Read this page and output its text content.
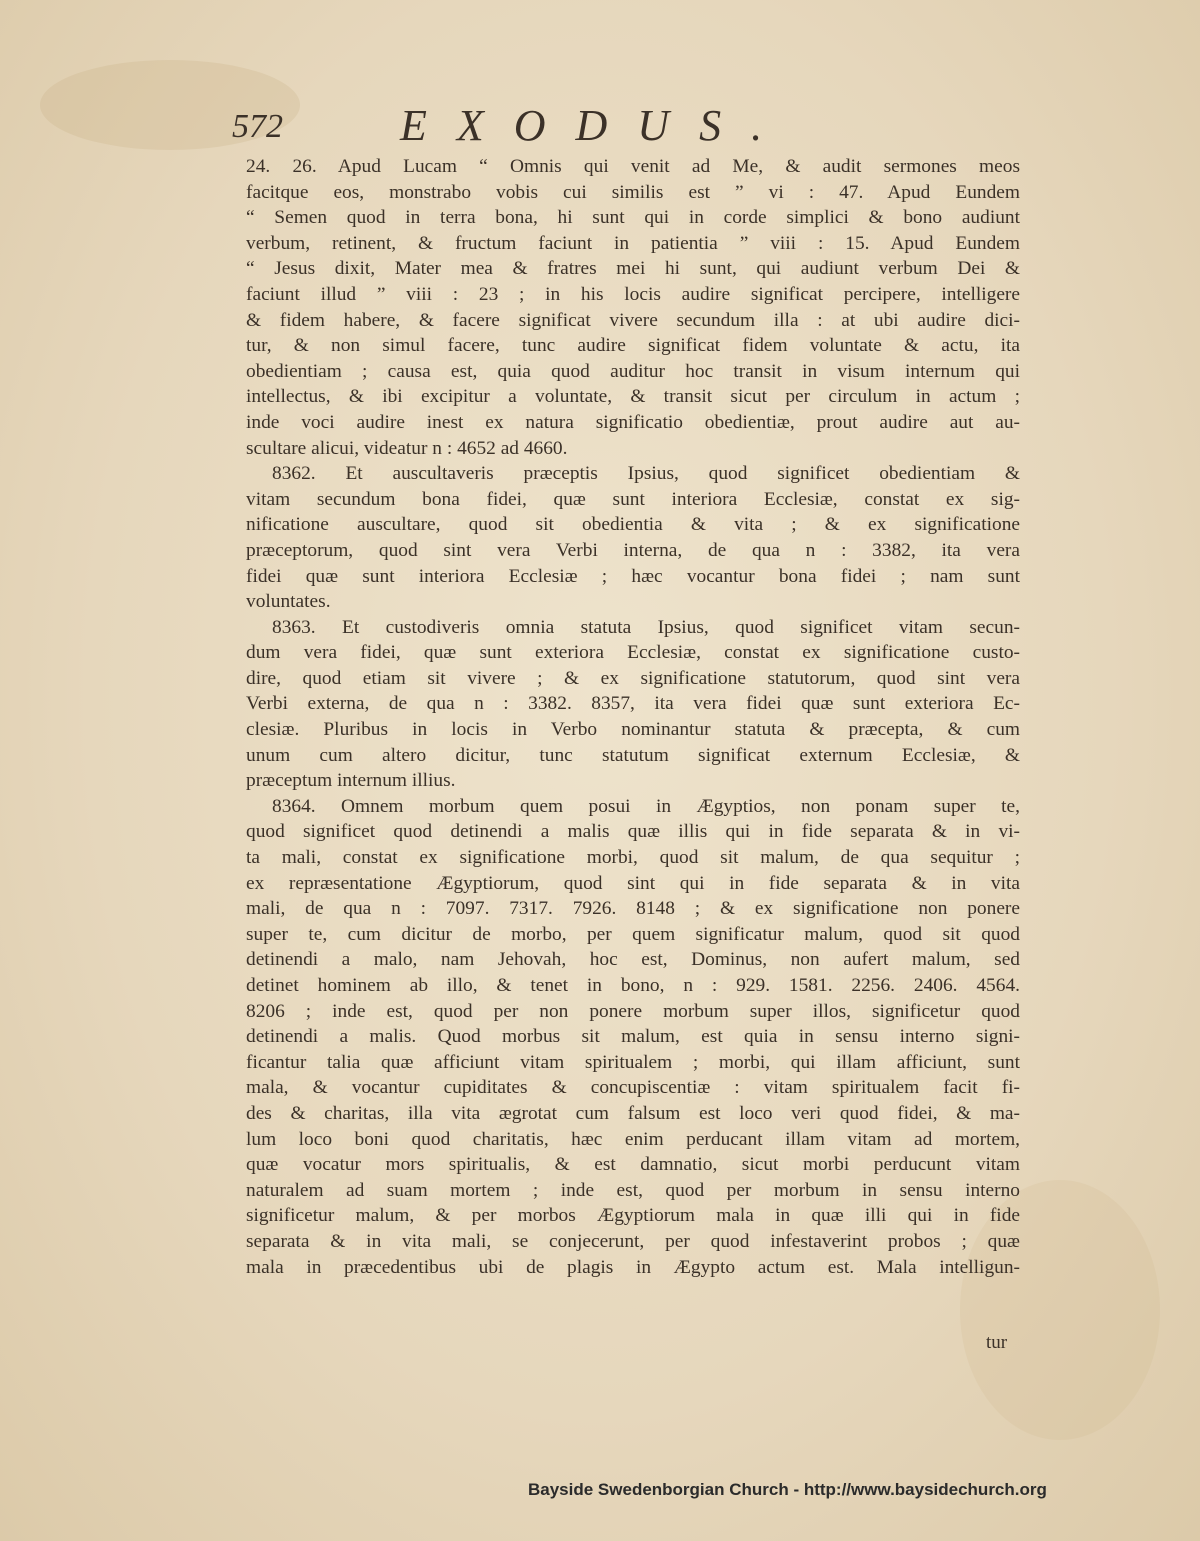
572	EXODUS.
24. 26. Apud Lucam “ Omnis qui venit ad Me, & audit sermones meos
facitque eos, monstrabo vobis cui similis est ” vi : 47. Apud Eundem
“ Semen quod in terra bona, hi sunt qui in corde simplici & bono audiunt
verbum, retinent, & fructum faciunt in patientia ” viii : 15. Apud Eundem
“ Jesus dixit, Mater mea & fratres mei hi sunt, qui audiunt verbum Dei &
faciunt illud ” viii : 23 ; in his locis audire significat percipere, intelligere
& fidem habere, & facere significat vivere secundum illa : at ubi audire dici-
tur, & non simul facere, tunc audire significat fidem voluntate & actu, ita
obedientiam ; causa est, quia quod auditur hoc transit in visum internum qui
intellectus, & ibi excipitur a voluntate, & transit sicut per circulum in actum ;
inde voci audire inest ex natura significatio obedientiæ, prout audire aut au-
scultare alicui, videatur n : 4652 ad 4660.
8362. Et auscultaveris præceptis Ipsius, quod significet obedientiam &
vitam secundum bona fidei, quæ sunt interiora Ecclesiæ, constat ex sig-
nificatione auscultare, quod sit obedientia & vita ; & ex significatione
præceptorum, quod sint vera Verbi interna, de qua n : 3382, ita vera
fidei quæ sunt interiora Ecclesiæ ; hæc vocantur bona fidei ; nam sunt
voluntates.
8363. Et custodiveris omnia statuta Ipsius, quod significet vitam secun-
dum vera fidei, quæ sunt exteriora Ecclesiæ, constat ex significatione custo-
dire, quod etiam sit vivere ; & ex significatione statutorum, quod sint vera
Verbi externa, de qua n : 3382. 8357, ita vera fidei quæ sunt exteriora Ec-
clesiæ. Pluribus in locis in Verbo nominantur statuta & præcepta, & cum
unum cum altero dicitur, tunc statutum significat externum Ecclesiæ, &
præceptum internum illius.
8364. Omnem morbum quem posui in Ægyptios, non ponam super te,
quod significet quod detinendi a malis quæ illis qui in fide separata & in vi-
ta mali, constat ex significatione morbi, quod sit malum, de qua sequitur ;
ex repræsentatione Ægyptiorum, quod sint qui in fide separata & in vita
mali, de qua n : 7097. 7317. 7926. 8148 ; & ex significatione non ponere
super te, cum dicitur de morbo, per quem significatur malum, quod sit quod
detinendi a malo, nam Jehovah, hoc est, Dominus, non aufert malum, sed
detinet hominem ab illo, & tenet in bono, n : 929. 1581. 2256. 2406. 4564.
8206 ; inde est, quod per non ponere morbum super illos, significetur quod
detinendi a malis. Quod morbus sit malum, est quia in sensu interno signi-
ficantur talia quæ afficiunt vitam spiritualem ; morbi, qui illam afficiunt, sunt
mala, & vocantur cupiditates & concupiscentiæ : vitam spiritualem facit fi-
des & charitas, illa vita ægrotat cum falsum est loco veri quod fidei, & ma-
lum loco boni quod charitatis, hæc enim perducant illam vitam ad mortem,
quæ vocatur mors spiritualis, & est damnatio, sicut morbi perducunt vitam
naturalem ad suam mortem ; inde est, quod per morbum in sensu interno
significetur malum, & per morbos Ægyptiorum mala in quæ illi qui in fide
separata & in vita mali, se conjecerunt, per quod infestaverint probos ; quæ
mala in præcedentibus ubi de plagis in Ægypto actum est. Mala intelligun-
tur
Bayside Swedenborgian Church - http://www.baysidechurch.org
